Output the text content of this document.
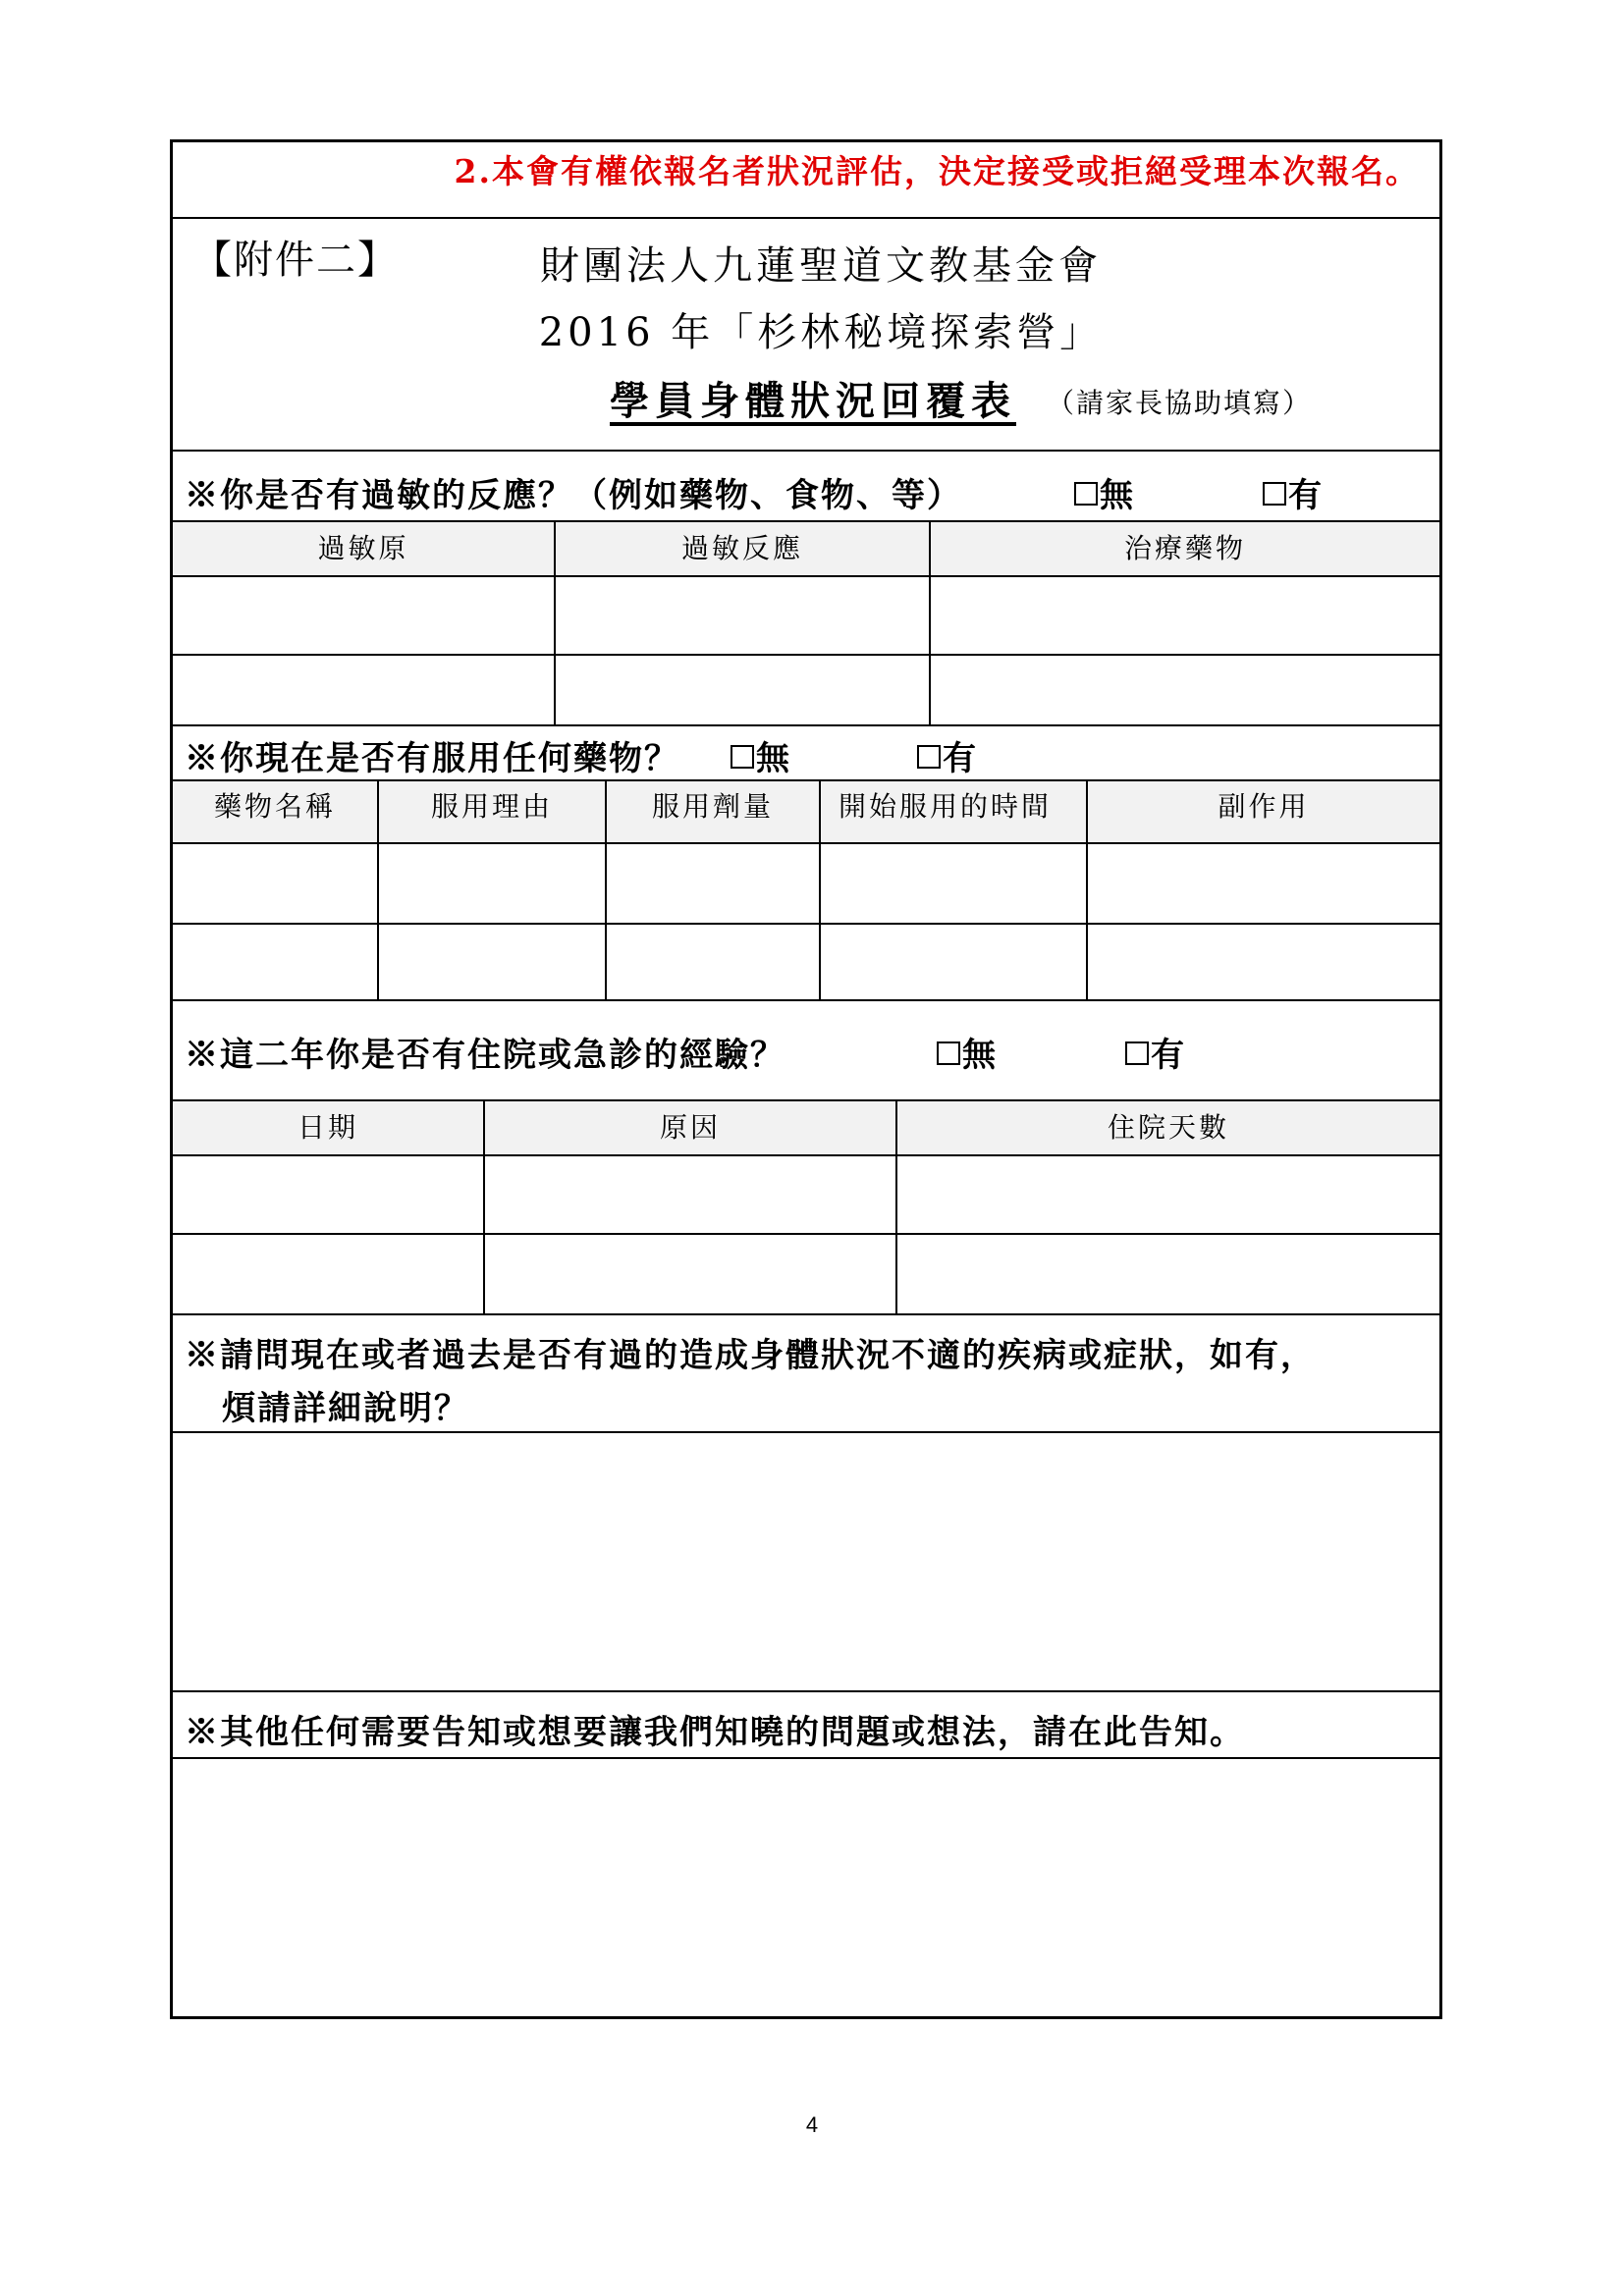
2.本會有權依報名者狀況評估，決定接受或拒絕受理本次報名。
【附件二】	財團法人九蓮聖道文教基金會
2016 年「杉林秘境探索營」
學員身體狀況回覆表 （請家長協助填寫）
※你是否有過敏的反應？（例如藥物、食物、等）	無	有
過敏原	過敏反應	治療藥物
※你現在是否有服用任何藥物？	無	有
藥物名稱	服用理由	服用劑量	開始服用的時間	副作用
※這二年你是否有住院或急診的經驗？	無	有
日期	原因	住院天數
※請問現在或者過去是否有過的造成身體狀況不適的疾病或症狀，如有，
煩請詳細說明？
※其他任何需要告知或想要讓我們知曉的問題或想法，請在此告知。
4
